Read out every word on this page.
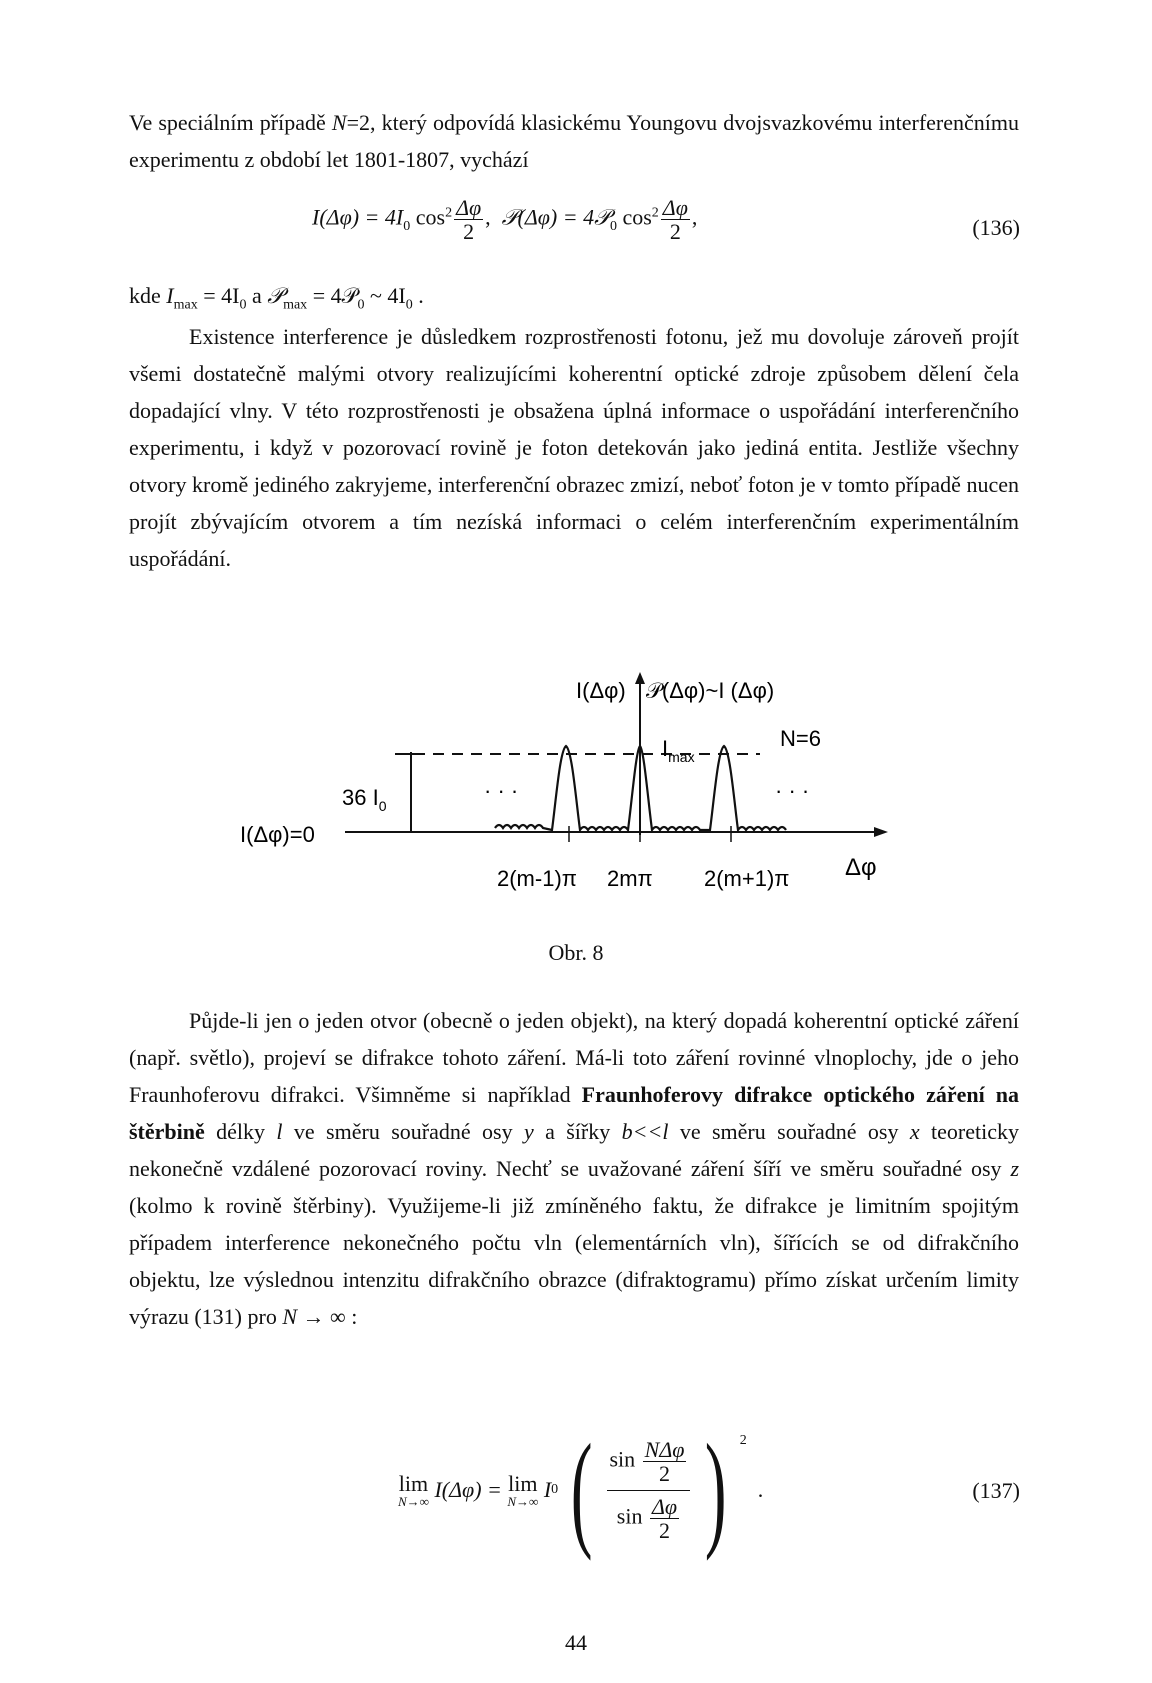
Ve speciálním případě N=2, který odpovídá klasickému Youngovu dvojsvazkovému interferenčnímu experimentu z období let 1801-1807, vychází

$I(\Delta\varphi) = 4I_0$ $\cos^2 \frac{\Delta\varphi}{2}$ , 𝒫(Δφ) = 4𝒫$_0$ $\cos^2 \frac{\Delta\varphi}{2}$ ,	(136)
kde $I_{max} = 4I_0$ a 𝒫$_{max}$ = 4𝒫$_0$ ~ $4I_0$ .

Existence interference je důsledkem rozprostřenosti fotonu, jež mu dovoluje zároveň projít všemi dostatečně malými otvory realizujícími koherentní optické zdroje způsobem dělení čela dopadající vlny. V této rozprostřenosti je obsažena úplná informace o uspořádání interferenčního experimentu, i když v pozorovací rovině je foton detekován jako jediná entita. Jestliže všechny otvory kromě jediného zakryjeme, interferenční obrazec zmizí, neboť foton je v tomto případě nucen projít zbývajícím otvorem a tím nezíská informaci o celém interferenčním experimentálním uspořádání.

I(Δφ) 𝒫(Δφ)~I (Δφ)
$I_{max}$
N=6
36 $I_0$
I(Δφ)=0
· · ·	· · ·
2(m-1)π 2mπ 2(m+1)π Δφ
Obr. 8

Půjde-li jen o jeden otvor (obecně o jeden objekt), na který dopadá koherentní optické záření (např. světlo), projeví se difrakce tohoto záření. Má-li toto záření rovinné vlnoplochy, jde o jeho Fraunhoferovu difrakci. Všimněme si například Fraunhoferovy difrakce optického záření na štěrbině délky l ve směru souřadné osy y a šířky b<<l ve směru souřadné osy x teoreticky nekonečně vzdálené pozorovací roviny. Nechť se uvažované záření šíří ve směru souřadné osy z (kolmo k rovině štěrbiny). Využijeme-li již zmíněného faktu, že difrakce je limitním spojitým případem interference nekonečného počtu vln (elementárních vln), šířících se od difrakčního objektu, lze výslednou intenzitu difrakčního obrazce (difraktogramu) přímo získat určením limity výrazu (131) pro N → ∞ :

lim
N→∞
I(Δφ) =
lim
N→∞
I 0 ( $\frac{\sin \frac{\text{NΔφ}}{2}}{\sin \frac{\Delta\varphi}{2}}$ ) $^2$

.	(137)
44
